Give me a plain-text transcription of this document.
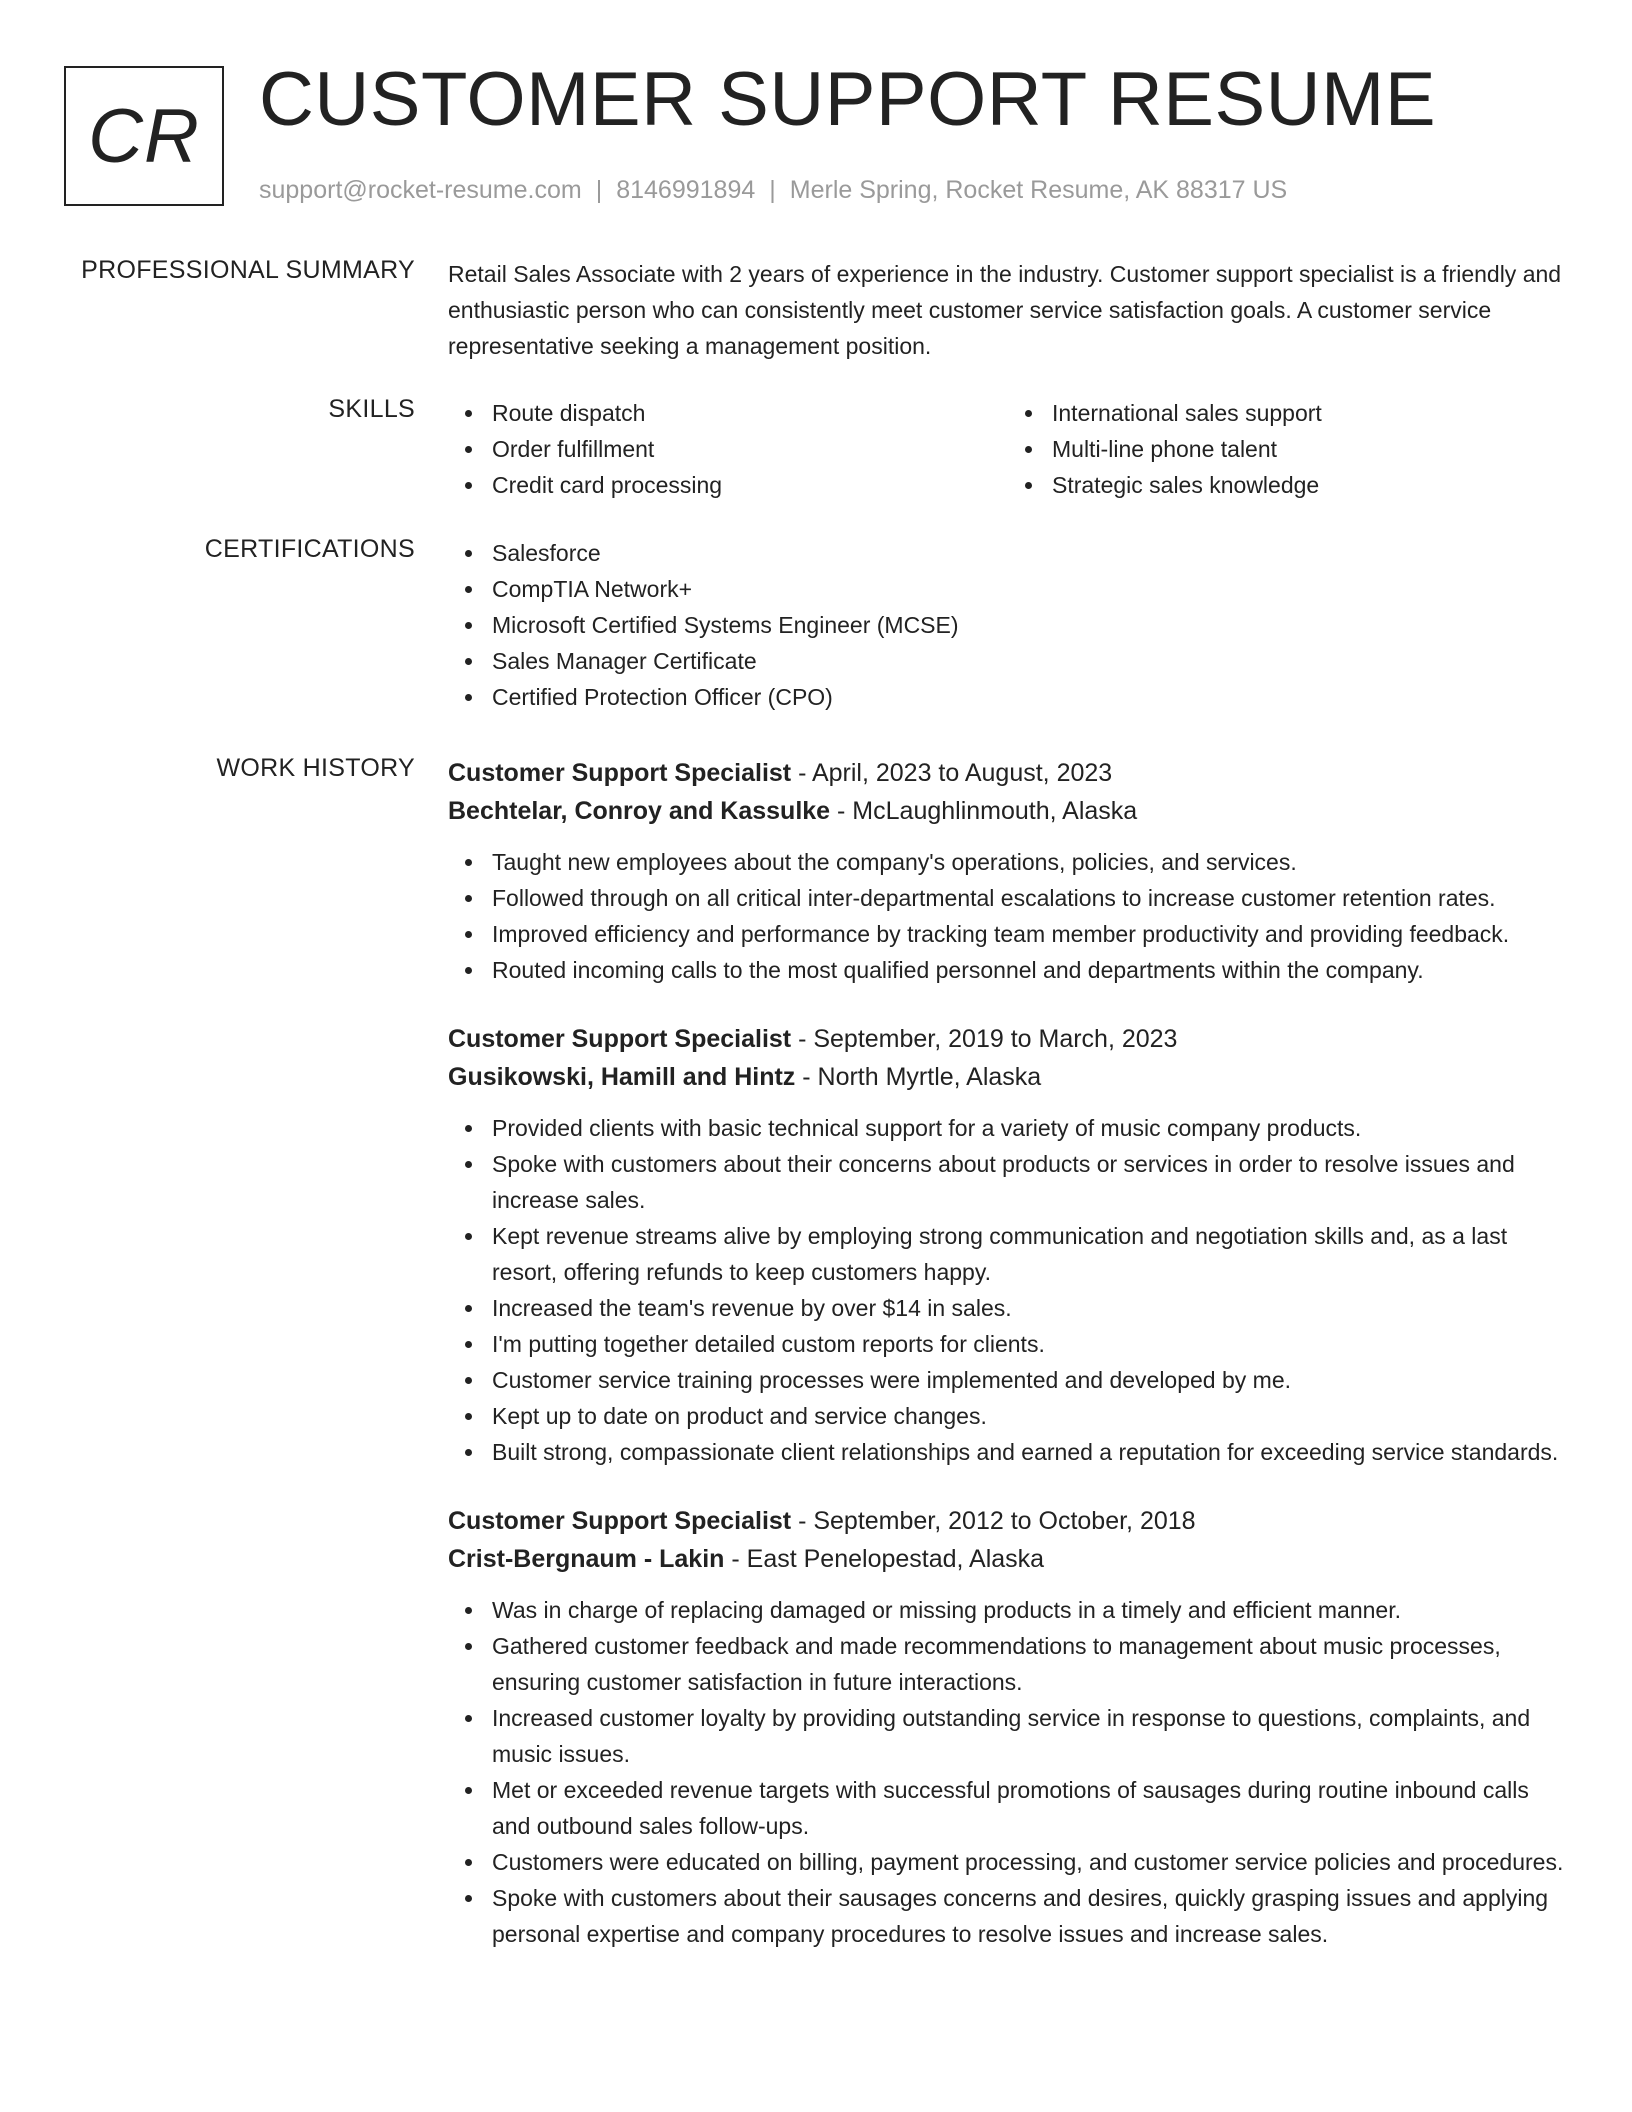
CR CUSTOMER SUPPORT RESUME
support@rocket-resume.com | 8146991894 | Merle Spring, Rocket Resume, AK 88317 US
PROFESSIONAL SUMMARY Retail Sales Associate with 2 years of experience in the industry. Customer support specialist is a friendly and enthusiastic person who can consistently meet customer service satisfaction goals. A customer service representative seeking a management position.

SKILLS	Route dispatch
Order fulfillment
Credit card processing
International sales support
Multi-line phone talent
Strategic sales knowledge
CERTIFICATIONS	Salesforce
CompTIA Network+
Microsoft Certified Systems Engineer (MCSE)
Sales Manager Certificate
Certified Protection Officer (CPO)
WORK HISTORY Customer Support Specialist - April, 2023 to August, 2023
Bechtelar, Conroy and Kassulke - McLaughlinmouth, Alaska
Taught new employees about the company's operations, policies, and services.
Followed through on all critical inter-departmental escalations to increase customer retention rates.
Improved efficiency and performance by tracking team member productivity and providing feedback.
Routed incoming calls to the most qualified personnel and departments within the company.
Customer Support Specialist - September, 2019 to March, 2023
Gusikowski, Hamill and Hintz - North Myrtle, Alaska
Provided clients with basic technical support for a variety of music company products.
Spoke with customers about their concerns about products or services in order to resolve issues and increase sales.
Kept revenue streams alive by employing strong communication and negotiation skills and, as a last resort, offering refunds to keep customers happy.
Increased the team's revenue by over $14 in sales.
I'm putting together detailed custom reports for clients.
Customer service training processes were implemented and developed by me.
Kept up to date on product and service changes.
Built strong, compassionate client relationships and earned a reputation for exceeding service standards.
Customer Support Specialist - September, 2012 to October, 2018
Crist-Bergnaum - Lakin - East Penelopestad, Alaska
Was in charge of replacing damaged or missing products in a timely and efficient manner.
Gathered customer feedback and made recommendations to management about music processes, ensuring customer satisfaction in future interactions.
Increased customer loyalty by providing outstanding service in response to questions, complaints, and music issues.
Met or exceeded revenue targets with successful promotions of sausages during routine inbound calls and outbound sales follow-ups.
Customers were educated on billing, payment processing, and customer service policies and procedures.
Spoke with customers about their sausages concerns and desires, quickly grasping issues and applying personal expertise and company procedures to resolve issues and increase sales.
